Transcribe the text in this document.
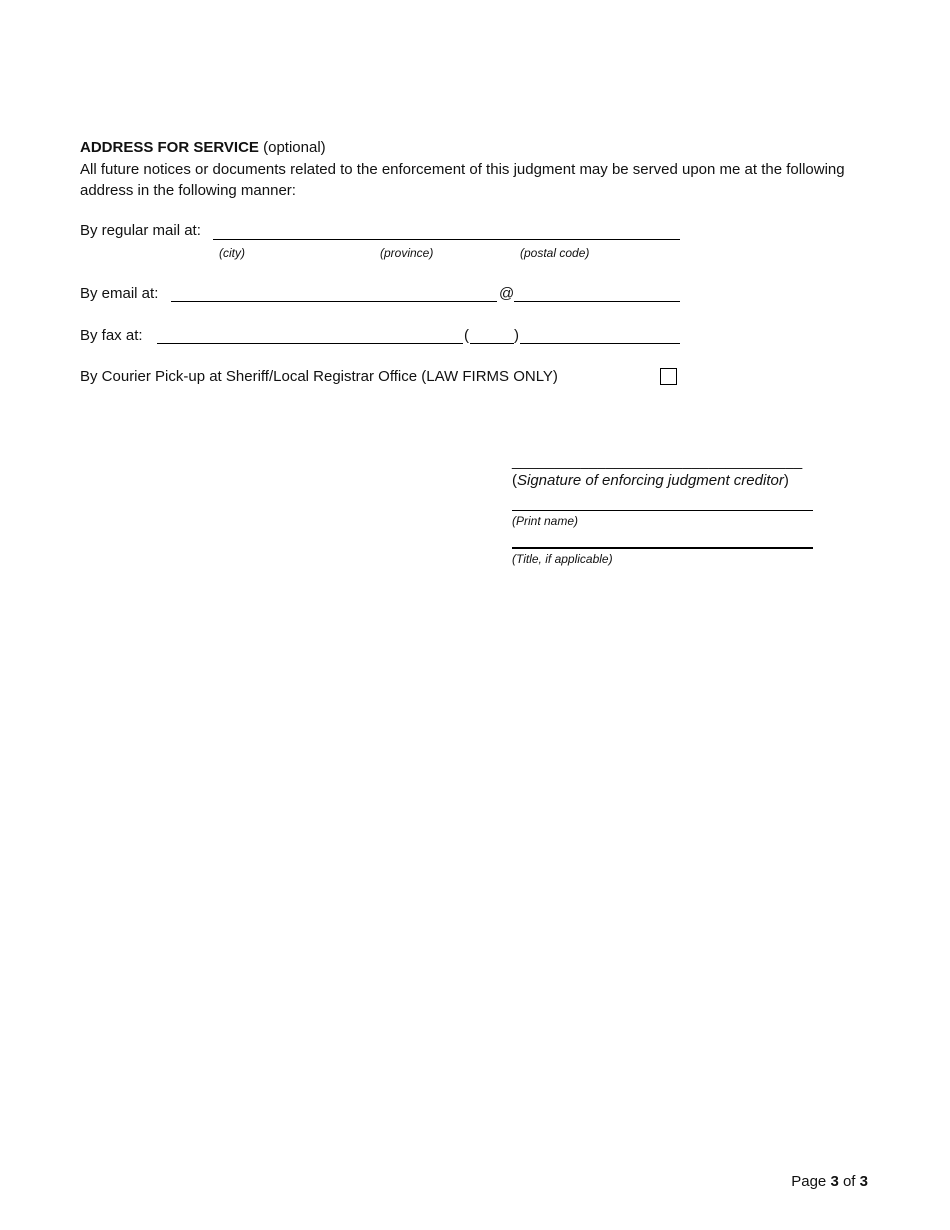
ADDRESS FOR SERVICE (optional)
All future notices or documents related to the enforcement of this judgment may be served upon me at the following address in the following manner:
By regular mail at:
(city)	(province)	(postal code)
By email at:	@
By fax at:	(	)
By Courier Pick-up at Sheriff/Local Registrar Office (LAW FIRMS ONLY)
__________________________________
(Signature of enforcing judgment creditor)
(Print name)
(Title, if applicable)
Page 3 of 3
